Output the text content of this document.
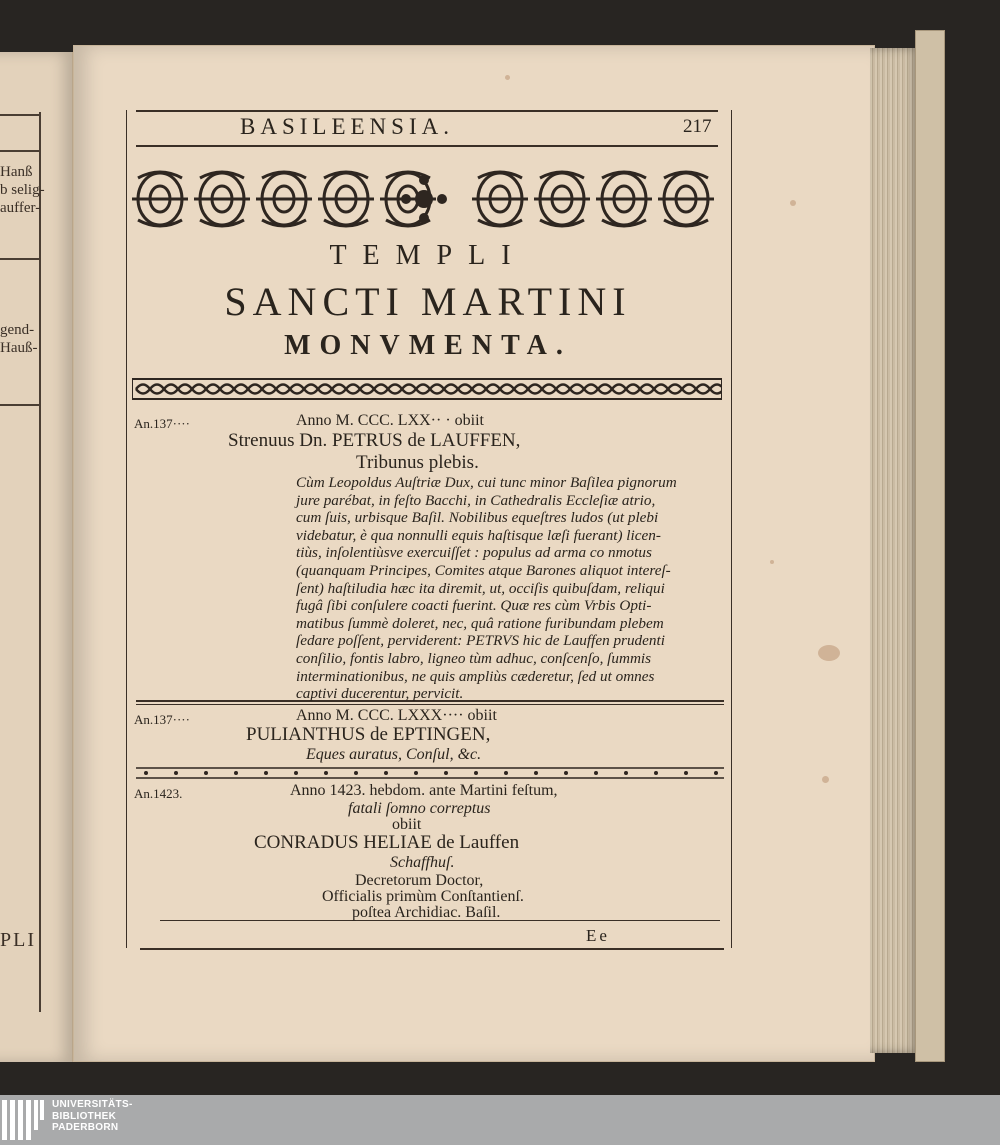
Hanß
b selig-
auffer-
gend-
Hauß-
PLI
BASILEENSIA.	217
TEMPLI
SANCTI MARTINI
MONVMENTA.
An.137····	Anno M. CCC. LXX·· · obiit
Strenuus Dn. PETRUS de LAUFFEN,
Tribunus plebis.
Cùm Leopoldus Auſtriæ Dux, cui tunc minor Baſilea pignorum
jure parébat, in feſto Bacchi, in Cathedralis Eccleſiæ atrio,
cum ſuis, urbisque Baſil. Nobilibus equeſtres ludos (ut plebi
videbatur, è qua nonnulli equis haſtisque læſi fuerant) licen-
tiùs, inſolentiùsve exercuiſſet : populus ad arma co nmotus
(quanquam Principes, Comites atque Barones aliquot intereſ-
ſent) haſtiludia hæc ita diremit, ut, occiſis quibuſdam, reliqui
fugâ ſibi conſulere coacti fuerint. Quæ res cùm Vrbis Opti-
matibus ſummè doleret, nec, quâ ratione furibundam plebem
ſedare poſſent, perviderent: PETRVS hic de Lauffen prudenti
conſilio, fontis labro, ligneo tùm adhuc, conſcenſo, ſummis
interminationibus, ne quis ampliùs cæderetur, ſed ut omnes
captivi ducerentur, pervicit.
An.137····	Anno M. CCC. LXXX···· obiit
PULIANTHUS de EPTINGEN,
Eques auratus, Conſul, &c.
An.1423.	Anno 1423. hebdom. ante Martini feſtum,
fatali ſomno correptus
obiit
CONRADUS HELIAE de Lauffen
Schaffhuſ.
Decretorum Doctor,
Officialis primùm Conſtantienſ.
poſtea Archidiac. Baſil.
Ee
UNIVERSITÄTS-
BIBLIOTHEK
PADERBORN
